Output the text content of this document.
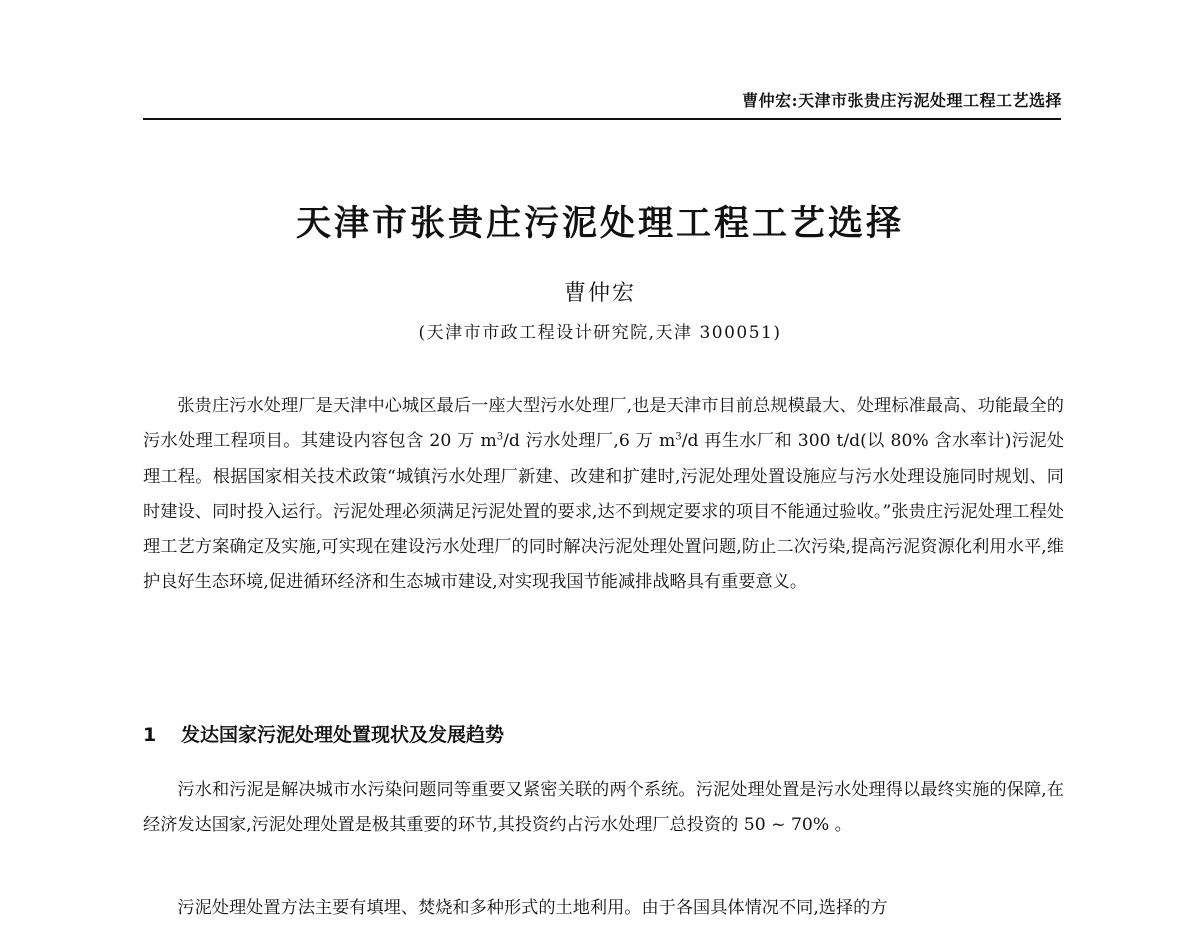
曹仲宏:天津市张贵庄污泥处理工程工艺选择
天津市张贵庄污泥处理工程工艺选择
曹仲宏
(天津市市政工程设计研究院,天津 300051)

张贵庄污水处理厂是天津中心城区最后一座大型污水处理厂,也是天津市目前总规模最大、处理标准最高、功能最全的污水处理工程项目。其建设内容包含 20 万 $m^3/d$ 污水处理厂,6 万 $m^3/d$ 再生水厂和 300 t/d(以 80% 含水率计)污泥处理工程。根据国家相关技术政策“城镇污水处理厂新建、改建和扩建时,污泥处理处置设施应与污水处理设施同时规划、同时建设、同时投入运行。污泥处理必须满足污泥处置的要求,达不到规定要求的项目不能通过验收。”张贵庄污泥处理工程处理工艺方案确定及实施,可实现在建设污水处理厂的同时解决污泥处理处置问题,防止二次污染,提高污泥资源化利用水平,维护良好生态环境,促进循环经济和生态城市建设,对实现我国节能减排战略具有重要意义。

1 发达国家污泥处理处置现状及发展趋势

污水和污泥是解决城市水污染问题同等重要又紧密关联的两个系统。污泥处理处置是污水处理得以最终实施的保障,在经济发达国家,污泥处理处置是极其重要的环节,其投资约占污水处理厂总投资的 50 ~ 70% 。

污泥处理处置方法主要有填埋、焚烧和多种形式的土地利用。由于各国具体情况不同,选择的方
